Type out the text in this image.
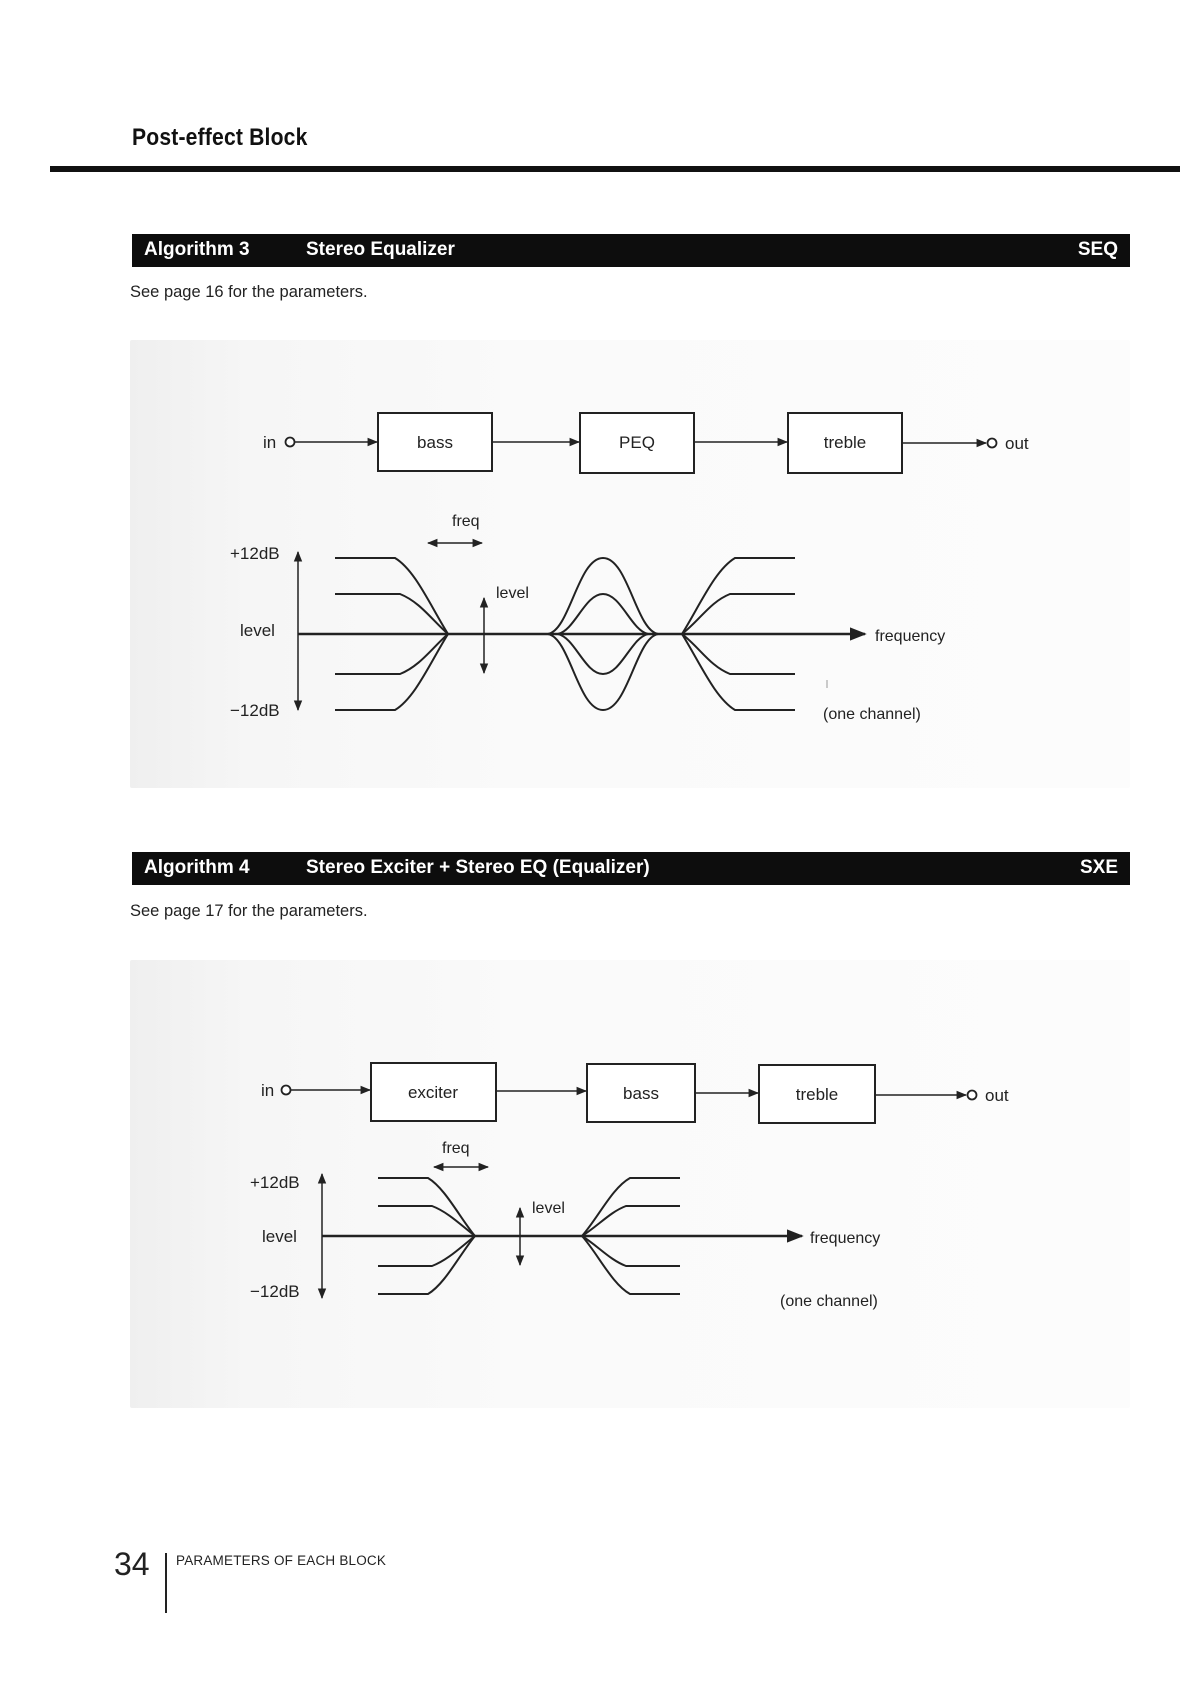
Post-effect Block
Algorithm 3	Stereo Equalizer	SEQ

See page 16 for the parameters.

in	bass	PEQ	treble	out
freq
+12dB
level
−12dB
frequency
level
(one channel)
Algorithm 4	Stereo Exciter + Stereo EQ (Equalizer)	SXE

See page 17 for the parameters.

in	exciter	bass	treble	out
freq
+12dB
level
−12dB
frequency
level
(one channel)
34 PARAMETERS OF EACH BLOCK
